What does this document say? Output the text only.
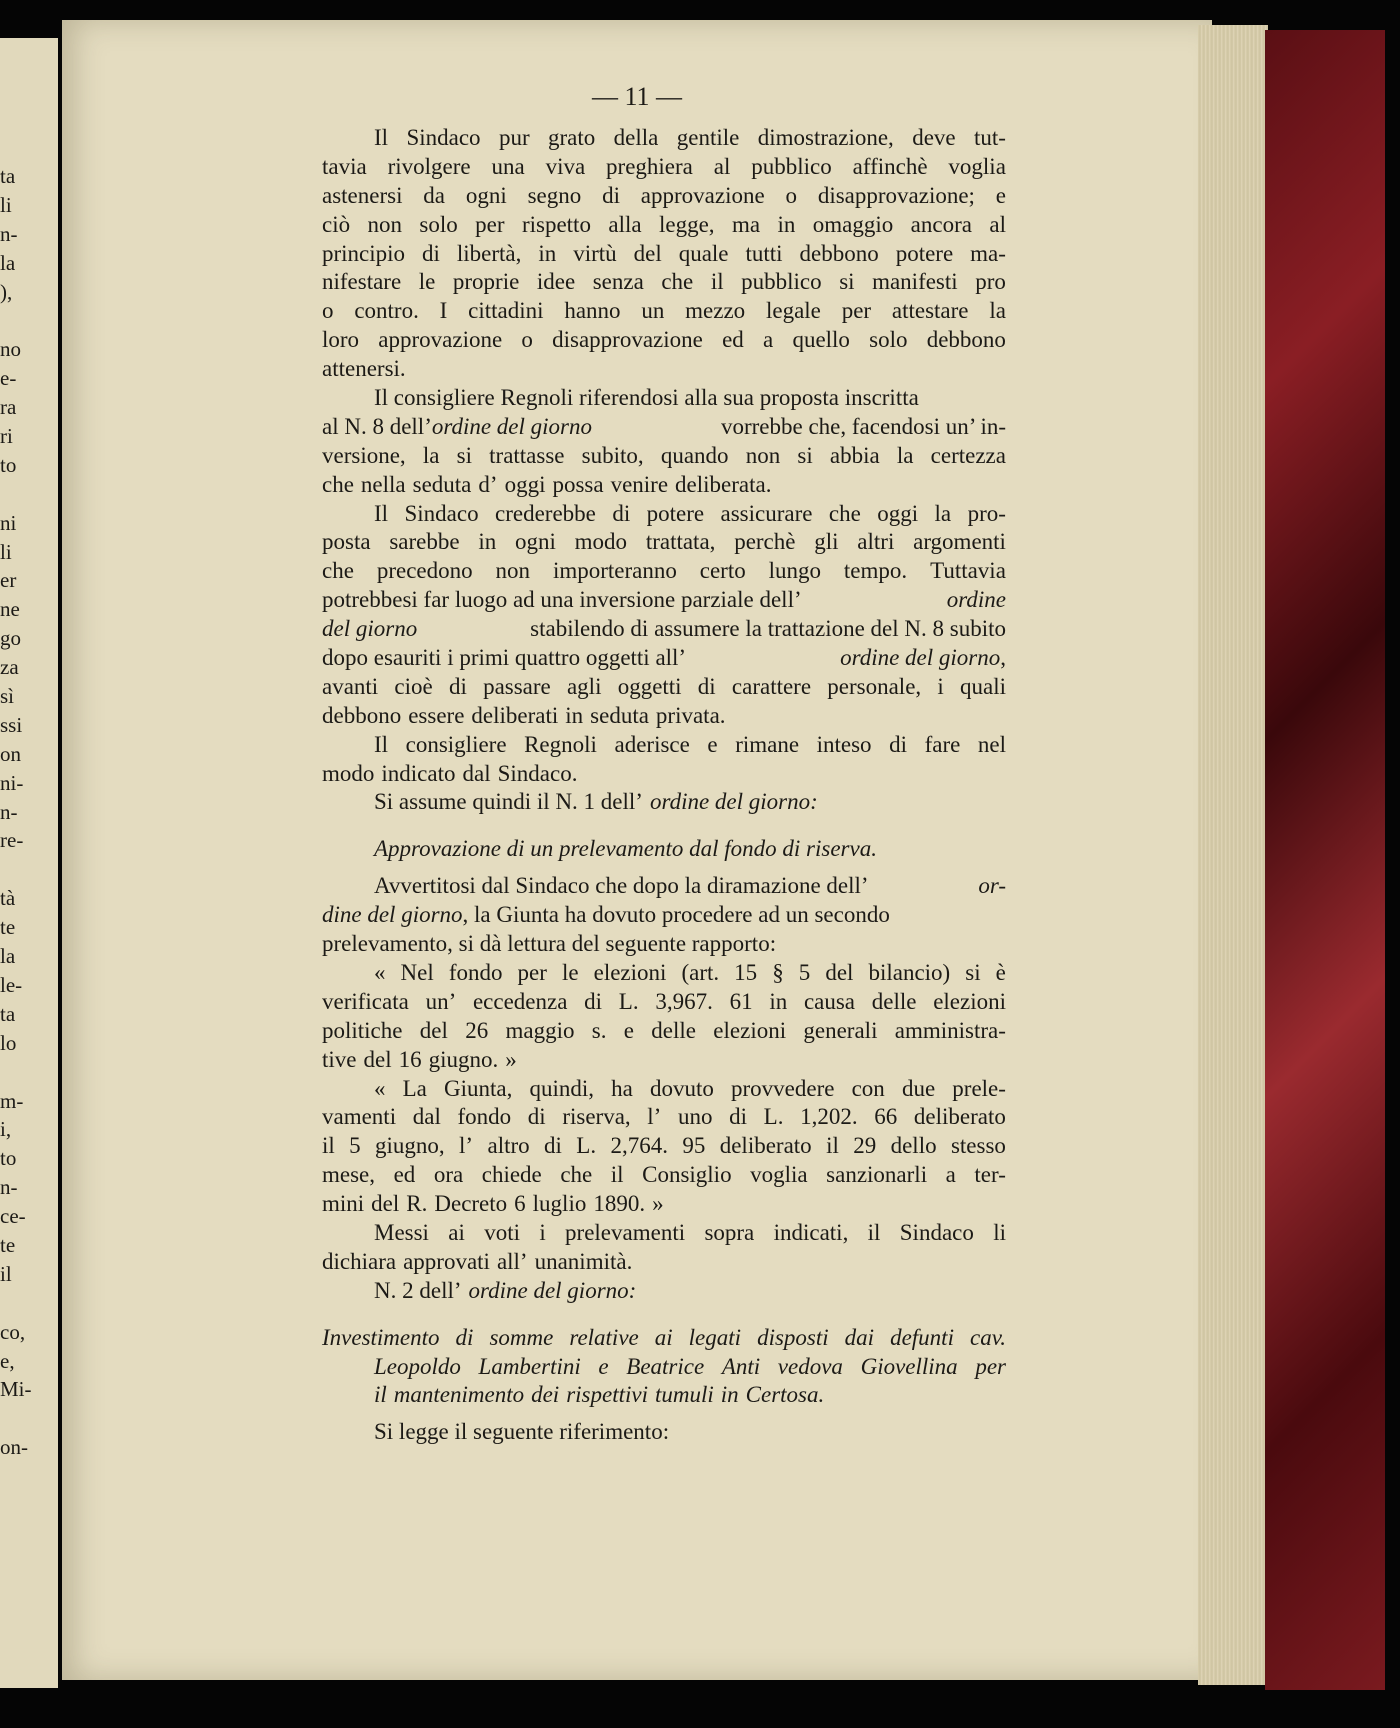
ta
li
n-
la
),
no
e-
ra
ri
to
ni
li
er
ne
go
za
sì
ssi
on
ni-
n-
re-
tà
te
la
le-
ta
lo
m-
i,
to
n-
ce-
te
il
co,
e,
Mi-
on-
— 11 —
Il Sindaco pur grato della gentile dimostrazione, deve tut-
tavia rivolgere una viva preghiera al pubblico affinchè voglia
astenersi da ogni segno di approvazione o disapprovazione; e
ciò non solo per rispetto alla legge, ma in omaggio ancora al
principio di libertà, in virtù del quale tutti debbono potere ma-
nifestare le proprie idee senza che il pubblico si manifesti pro
o contro. I cittadini hanno un mezzo legale per attestare la
loro approvazione o disapprovazione ed a quello solo debbono
attenersi.
Il consigliere Regnoli riferendosi alla sua proposta inscritta
al N. 8 dell’ordine del giorno	vorrebbe che, facendosi un’ in-
versione, la si trattasse subito, quando non si abbia la certezza
che nella seduta d’ oggi possa venire deliberata.
Il Sindaco crederebbe di potere assicurare che oggi la pro-
posta sarebbe in ogni modo trattata, perchè gli altri argomenti
che precedono non importeranno certo lungo tempo. Tuttavia
potrebbesi far luogo ad una inversione parziale dell’	ordine
del giorno	stabilendo di assumere la trattazione del N. 8 subito
dopo esauriti i primi quattro oggetti all’	ordine del giorno,
avanti cioè di passare agli oggetti di carattere personale, i quali
debbono essere deliberati in seduta privata.
Il consigliere Regnoli aderisce e rimane inteso di fare nel
modo indicato dal Sindaco.
Si assume quindi il N. 1 dell’ ordine del giorno:
Approvazione di un prelevamento dal fondo di riserva.
Avvertitosi dal Sindaco che dopo la diramazione dell’	or-
dine del giorno, la Giunta ha dovuto procedere ad un secondo
prelevamento, si dà lettura del seguente rapporto:
« Nel fondo per le elezioni (art. 15 § 5 del bilancio) si è
verificata un’ eccedenza di L. 3,967. 61 in causa delle elezioni
politiche del 26 maggio s. e delle elezioni generali amministra-
tive del 16 giugno. »
« La Giunta, quindi, ha dovuto provvedere con due prele-
vamenti dal fondo di riserva, l’ uno di L. 1,202. 66 deliberato
il 5 giugno, l’ altro di L. 2,764. 95 deliberato il 29 dello stesso
mese, ed ora chiede che il Consiglio voglia sanzionarli a ter-
mini del R. Decreto 6 luglio 1890. »
Messi ai voti i prelevamenti sopra indicati, il Sindaco li
dichiara approvati all’ unanimità.
N. 2 dell’ ordine del giorno:
Investimento di somme relative ai legati disposti dai defunti cav.
Leopoldo Lambertini e Beatrice Anti vedova Giovellina per
il mantenimento dei rispettivi tumuli in Certosa.
Si legge il seguente riferimento:
